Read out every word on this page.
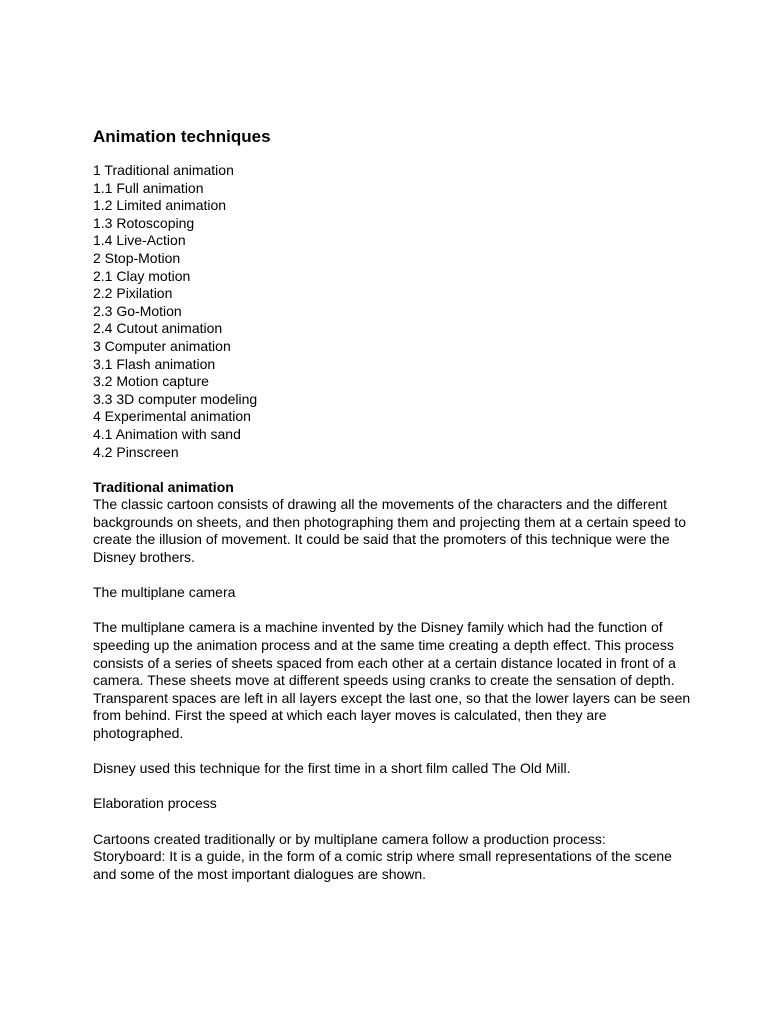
Animation techniques
1 Traditional animation
1.1 Full animation
1.2 Limited animation
1.3 Rotoscoping
1.4 Live-Action
2 Stop-Motion
2.1 Clay motion
2.2 Pixilation
2.3 Go-Motion
2.4 Cutout animation
3 Computer animation
3.1 Flash animation
3.2 Motion capture
3.3 3D computer modeling
4 Experimental animation
4.1 Animation with sand
4.2 Pinscreen
Traditional animation

The classic cartoon consists of drawing all the movements of the characters and the different backgrounds on sheets, and then photographing them and projecting them at a certain speed to create the illusion of movement. It could be said that the promoters of this technique were the Disney brothers.

The multiplane camera

The multiplane camera is a machine invented by the Disney family which had the function of speeding up the animation process and at the same time creating a depth effect. This process consists of a series of sheets spaced from each other at a certain distance located in front of a camera. These sheets move at different speeds using cranks to create the sensation of depth.

Transparent spaces are left in all layers except the last one, so that the lower layers can be seen from behind. First the speed at which each layer moves is calculated, then they are photographed.

Disney used this technique for the first time in a short film called The Old Mill.

Elaboration process

Cartoons created traditionally or by multiplane camera follow a production process:

Storyboard: It is a guide, in the form of a comic strip where small representations of the scene and some of the most important dialogues are shown.
